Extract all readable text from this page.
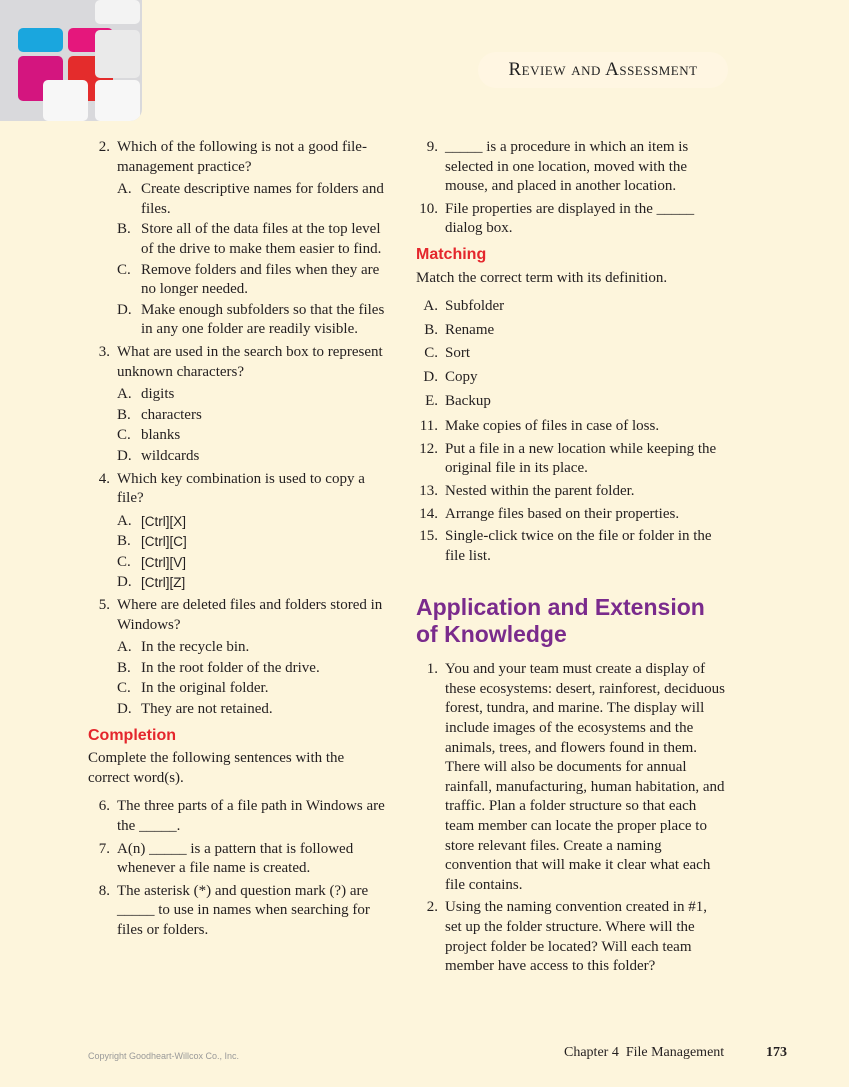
Review and Assessment
2. Which of the following is not a good file-management practice?
A. Create descriptive names for folders and files.
B. Store all of the data files at the top level of the drive to make them easier to find.
C. Remove folders and files when they are no longer needed.
D. Make enough subfolders so that the files in any one folder are readily visible.
3. What are used in the search box to represent unknown characters?
A. digits
B. characters
C. blanks
D. wildcards
4. Which key combination is used to copy a file?
A. [Ctrl][X]
B. [Ctrl][C]
C. [Ctrl][V]
D. [Ctrl][Z]
5. Where are deleted files and folders stored in Windows?
A. In the recycle bin.
B. In the root folder of the drive.
C. In the original folder.
D. They are not retained.
Completion
Complete the following sentences with the correct word(s).
6. The three parts of a file path in Windows are the _____.
7. A(n) _____ is a pattern that is followed whenever a file name is created.
8. The asterisk (*) and question mark (?) are _____ to use in names when searching for files or folders.
9. _____ is a procedure in which an item is selected in one location, moved with the mouse, and placed in another location.
10. File properties are displayed in the _____ dialog box.
Matching
Match the correct term with its definition.
A. Subfolder
B. Rename
C. Sort
D. Copy
E. Backup
11. Make copies of files in case of loss.
12. Put a file in a new location while keeping the original file in its place.
13. Nested within the parent folder.
14. Arrange files based on their properties.
15. Single-click twice on the file or folder in the file list.
Application and Extension of Knowledge
1. You and your team must create a display of these ecosystems: desert, rainforest, deciduous forest, tundra, and marine. The display will include images of the ecosystems and the animals, trees, and flowers found in them. There will also be documents for annual rainfall, manufacturing, human habitation, and traffic. Plan a folder structure so that each team member can locate the proper place to store relevant files. Create a naming convention that will make it clear what each file contains.
2. Using the naming convention created in #1, set up the folder structure. Where will the project folder be located? Will each team member have access to this folder?
Copyright Goodheart-Willcox Co., Inc.	Chapter 4  File Management	173
